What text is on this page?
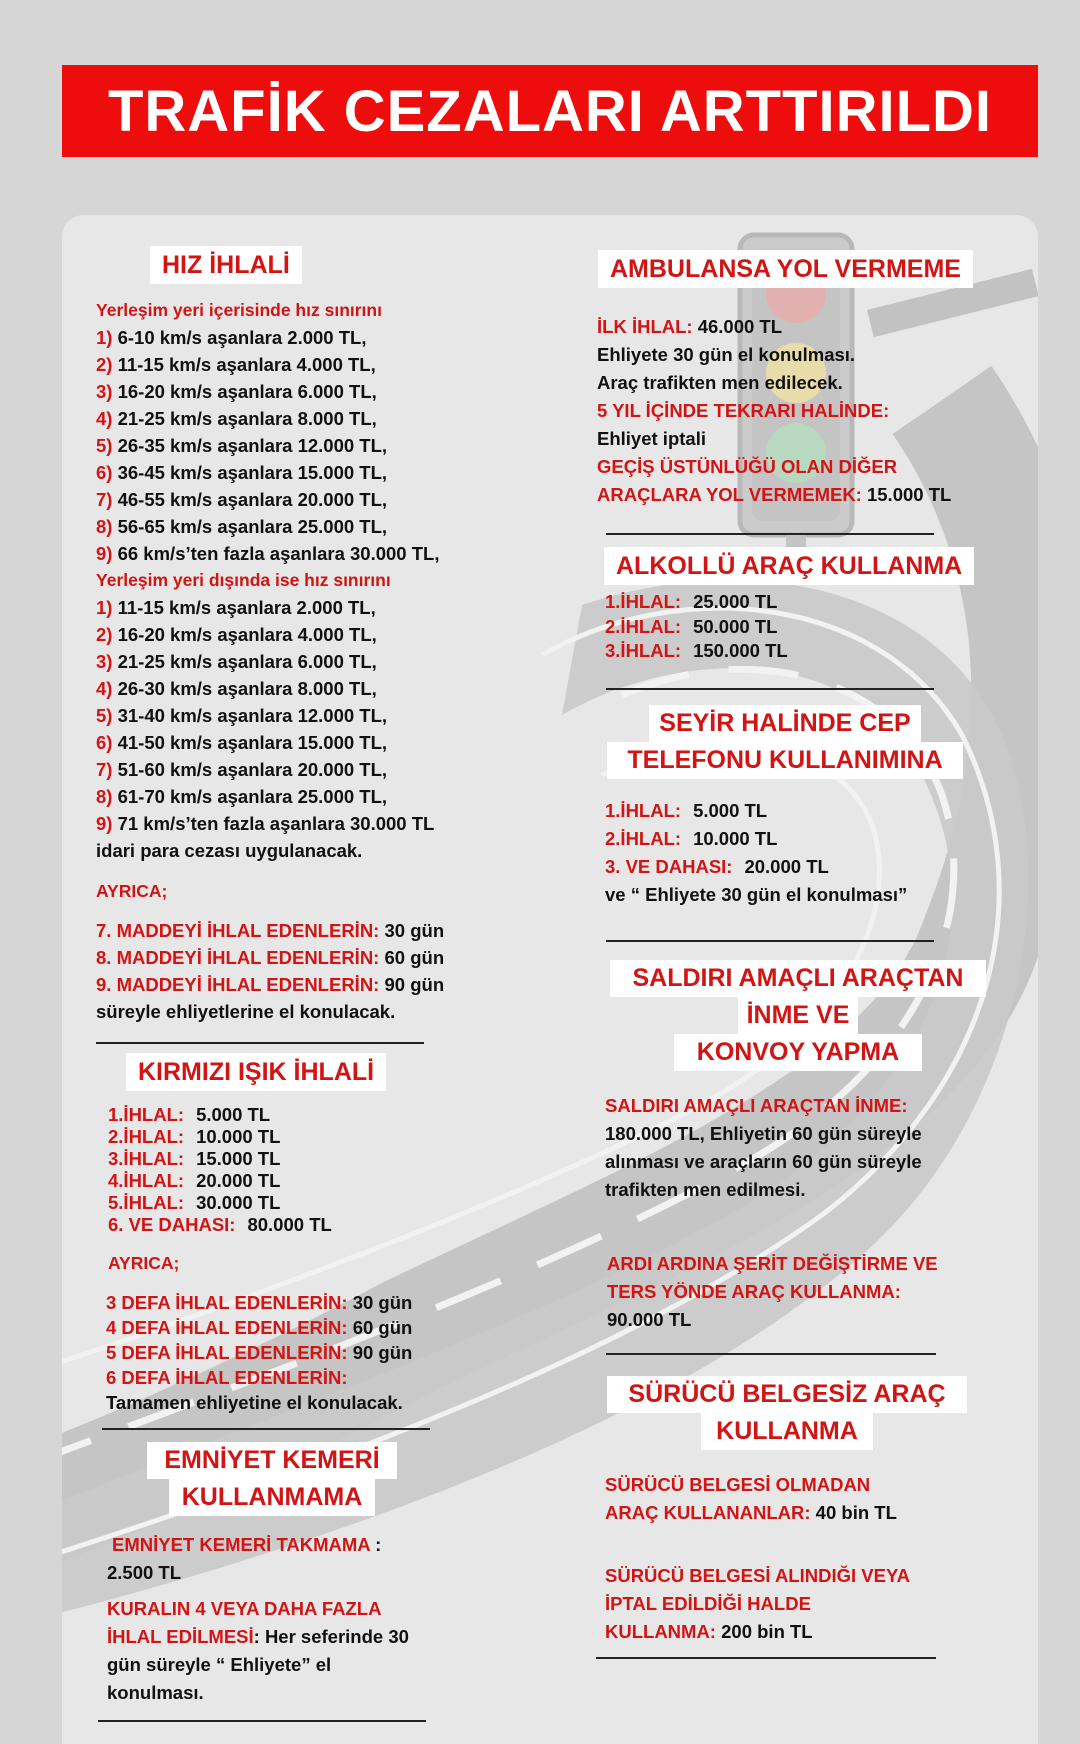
TRAFİK CEZALARI ARTTIRILDI
HIZ İHLALİ
Yerleşim yeri içerisinde hız sınırını
1) 6-10 km/s aşanlara 2.000 TL,
2) 11-15 km/s aşanlara 4.000 TL,
3) 16-20 km/s aşanlara 6.000 TL,
4) 21-25 km/s aşanlara 8.000 TL,
5) 26-35 km/s aşanlara 12.000 TL,
6) 36-45 km/s aşanlara 15.000 TL,
7) 46-55 km/s aşanlara 20.000 TL,
8) 56-65 km/s aşanlara 25.000 TL,
9) 66 km/s’ten fazla aşanlara 30.000 TL,
Yerleşim yeri dışında ise hız sınırını
1) 11-15 km/s aşanlara 2.000 TL,
2) 16-20 km/s aşanlara 4.000 TL,
3) 21-25 km/s aşanlara 6.000 TL,
4) 26-30 km/s aşanlara 8.000 TL,
5) 31-40 km/s aşanlara 12.000 TL,
6) 41-50 km/s aşanlara 15.000 TL,
7) 51-60 km/s aşanlara 20.000 TL,
8) 61-70 km/s aşanlara 25.000 TL,
9) 71 km/s’ten fazla aşanlara 30.000 TL
idari para cezası uygulanacak.
AYRICA;
7. MADDEYİ İHLAL EDENLERİN: 30 gün
8. MADDEYİ İHLAL EDENLERİN: 60 gün
9. MADDEYİ İHLAL EDENLERİN: 90 gün
süreyle ehliyetlerine el konulacak.
KIRMIZI IŞIK İHLALİ
1.İHLAL: 5.000 TL
2.İHLAL: 10.000 TL
3.İHLAL: 15.000 TL
4.İHLAL: 20.000 TL
5.İHLAL: 30.000 TL
6. VE DAHASI: 80.000 TL
AYRICA;
3 DEFA İHLAL EDENLERİN: 30 gün
4 DEFA İHLAL EDENLERİN: 60 gün
5 DEFA İHLAL EDENLERİN: 90 gün
6 DEFA İHLAL EDENLERİN:
Tamamen ehliyetine el konulacak.
EMNİYET KEMERİ
KULLANMAMA
EMNİYET KEMERİ TAKMAMA :
2.500 TL
KURALIN 4 VEYA DAHA FAZLA
İHLAL EDİLMESİ: Her seferinde 30
gün süreyle “ Ehliyete” el
konulması.
AMBULANSA YOL VERMEME
İLK İHLAL: 46.000 TL
Ehliyete 30 gün el konulması.
Araç trafikten men edilecek.
5 YIL İÇİNDE TEKRARI HALİNDE:
Ehliyet iptali
GEÇİŞ ÜSTÜNLÜĞÜ OLAN DİĞER
ARAÇLARA YOL VERMEMEK: 15.000 TL
ALKOLLÜ ARAÇ KULLANMA
1.İHLAL: 25.000 TL
2.İHLAL: 50.000 TL
3.İHLAL: 150.000 TL
SEYİR HALİNDE CEP
TELEFONU KULLANIMINA
1.İHLAL: 5.000 TL
2.İHLAL: 10.000 TL
3. VE DAHASI: 20.000 TL
ve “ Ehliyete 30 gün el konulması”
SALDIRI AMAÇLI ARAÇTAN
İNME VE
KONVOY YAPMA
SALDIRI AMAÇLI ARAÇTAN İNME:
180.000 TL, Ehliyetin 60 gün süreyle
alınması ve araçların 60 gün süreyle
trafikten men edilmesi.
ARDI ARDINA ŞERİT DEĞİŞTİRME VE
TERS YÖNDE ARAÇ KULLANMA:
90.000 TL
SÜRÜCÜ BELGESİZ ARAÇ
KULLANMA
SÜRÜCÜ BELGESİ OLMADAN
ARAÇ KULLANANLAR: 40 bin TL
SÜRÜCÜ BELGESİ ALINDIĞI VEYA
İPTAL EDİLDİĞİ HALDE
KULLANMA: 200 bin TL
